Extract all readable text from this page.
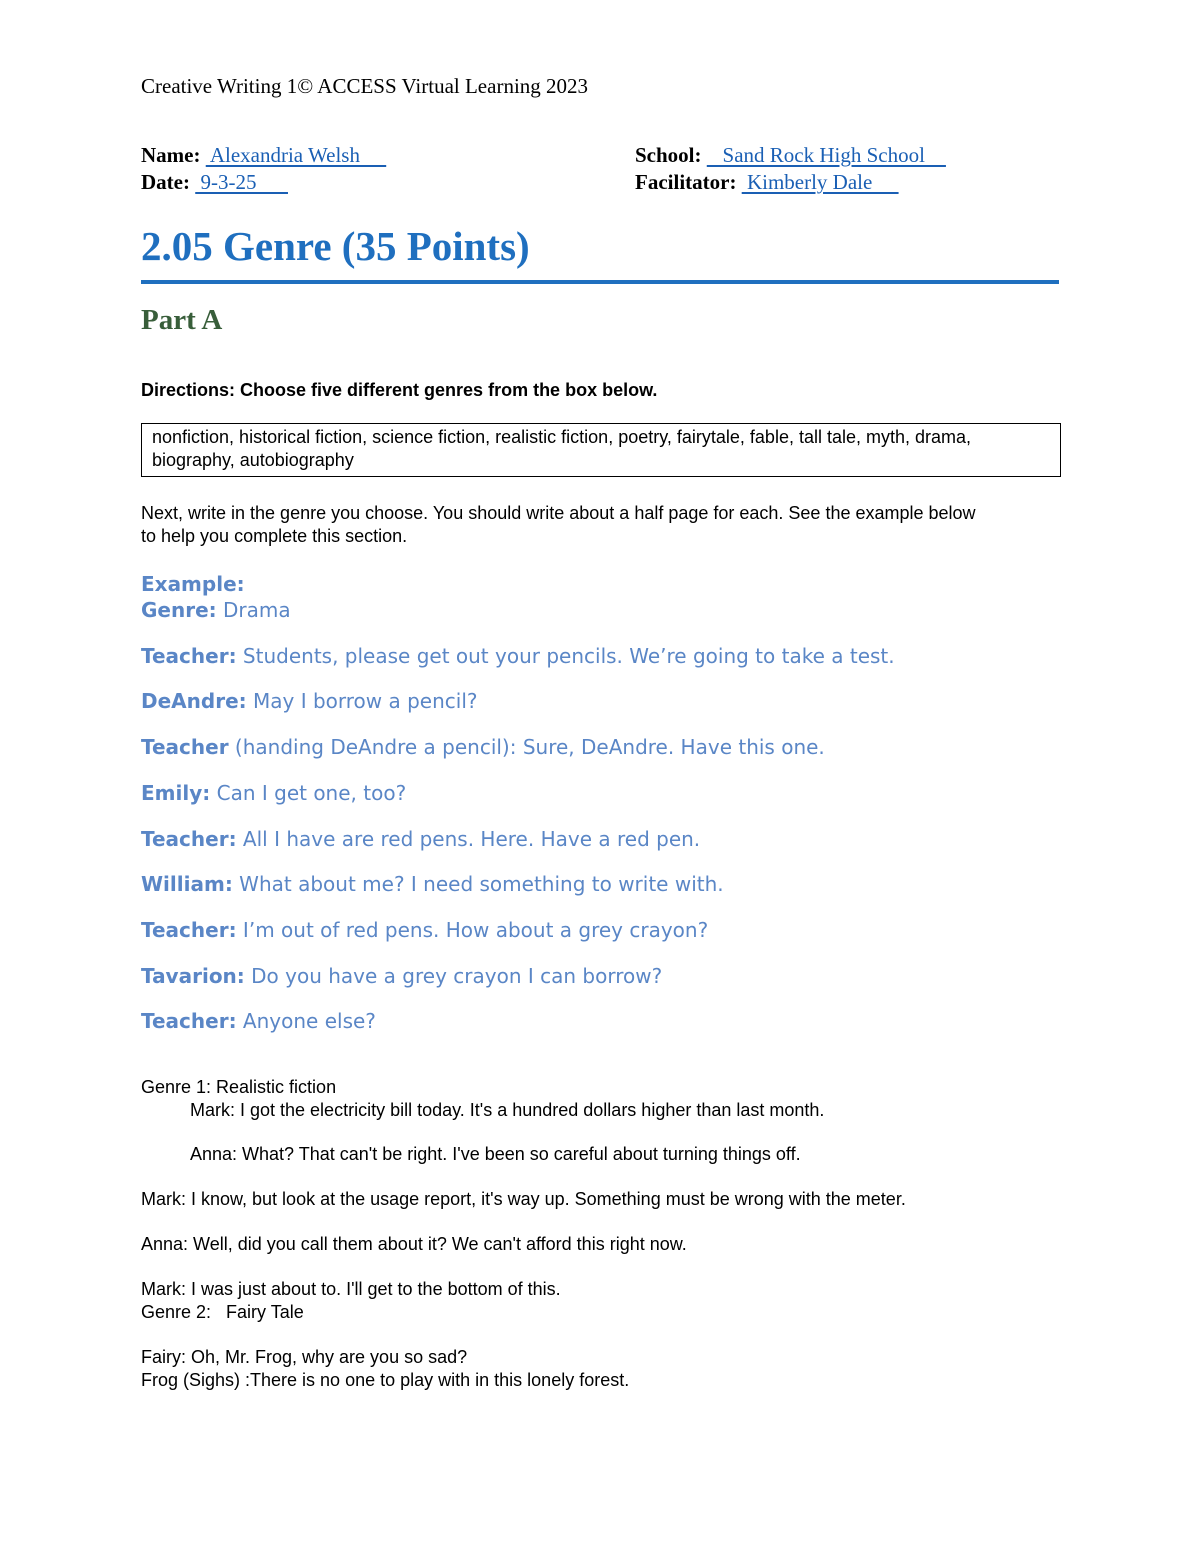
Creative Writing 1© ACCESS Virtual Learning 2023
Name:  Alexandria Welsh	School:    Sand Rock High School
Date:  9-3-25	Facilitator:  Kimberly Dale
2.05 Genre (35 Points)
Part A
Directions: Choose five different genres from the box below.
nonfiction, historical fiction, science fiction, realistic fiction, poetry, fairytale, fable, tall tale, myth, drama,
biography, autobiography
Next, write in the genre you choose. You should write about a half page for each. See the example below
to help you complete this section.
Example:
Genre: Drama
Teacher: Students, please get out your pencils. We’re going to take a test.
DeAndre: May I borrow a pencil?
Teacher (handing DeAndre a pencil): Sure, DeAndre. Have this one.
Emily: Can I get one, too?
Teacher: All I have are red pens. Here. Have a red pen.
William: What about me? I need something to write with.
Teacher: I’m out of red pens. How about a grey crayon?
Tavarion: Do you have a grey crayon I can borrow?
Teacher: Anyone else?
Genre 1: Realistic fiction
Mark: I got the electricity bill today. It's a hundred dollars higher than last month.
Anna: What? That can't be right. I've been so careful about turning things off.
Mark: I know, but look at the usage report, it's way up. Something must be wrong with the meter.
Anna: Well, did you call them about it? We can't afford this right now.
Mark: I was just about to. I'll get to the bottom of this.
Genre 2:   Fairy Tale
Fairy: Oh, Mr. Frog, why are you so sad?
Frog (Sighs) :There is no one to play with in this lonely forest.
